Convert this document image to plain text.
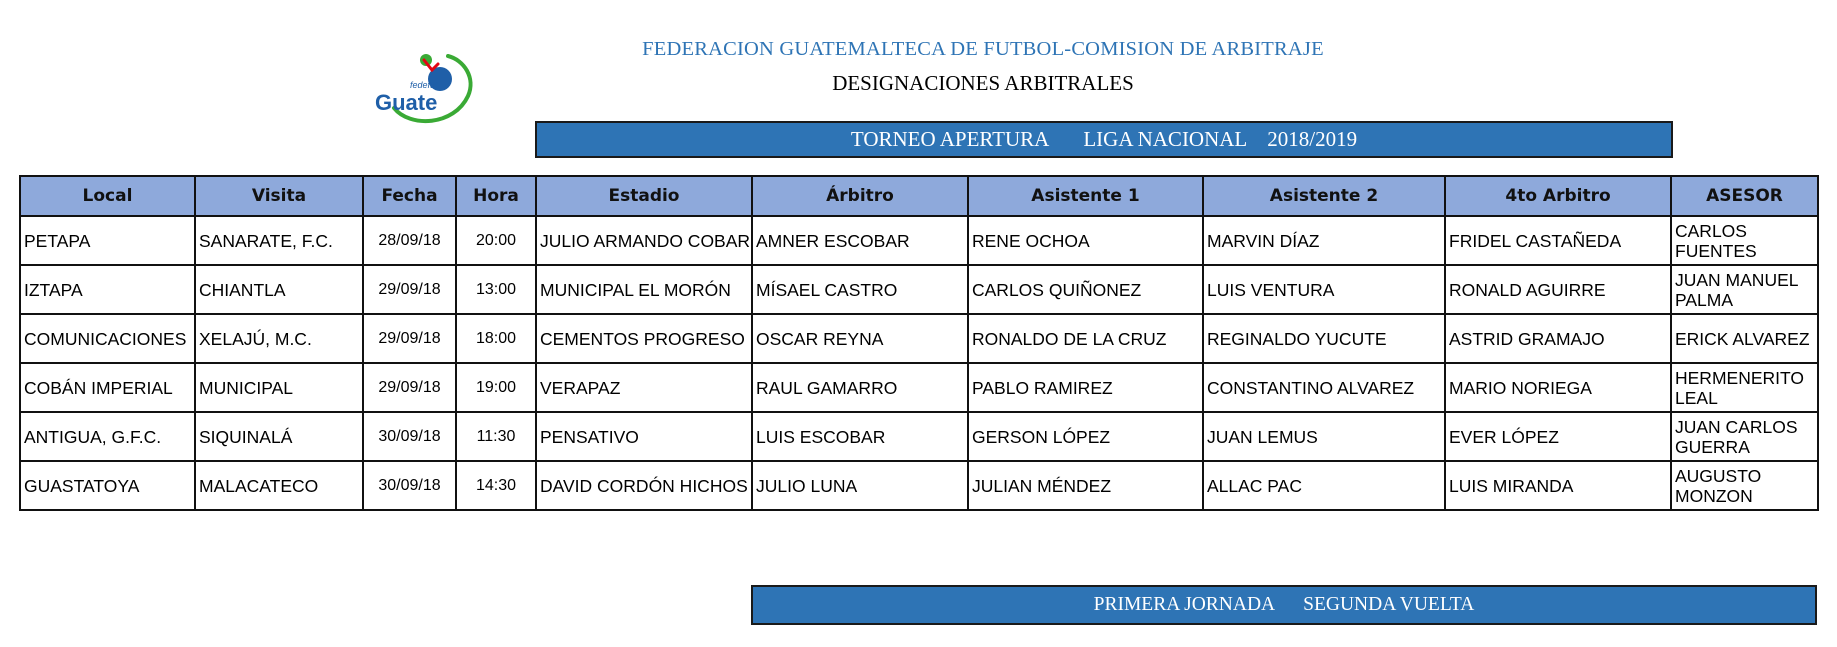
fedefut
Guate
FEDERACION GUATEMALTECA DE FUTBOL-COMISION DE ARBITRAJE
DESIGNACIONES ARBITRALES
TORNEO APERTURA LIGA NACIONAL 2018/2019
Local	Visita	Fecha	Hora	Estadio	Árbitro	Asistente 1	Asistente 2	4to Arbitro	ASESOR
PETAPA	SANARATE, F.C.	28/09/18	20:00	JULIO ARMANDO COBAR	AMNER ESCOBAR	RENE OCHOA	MARVIN DÍAZ	FRIDEL CASTAÑEDA	CARLOS FUENTES
IZTAPA	CHIANTLA	29/09/18	13:00	MUNICIPAL EL MORÓN	MÍSAEL CASTRO	CARLOS QUIÑONEZ	LUIS VENTURA	RONALD AGUIRRE	JUAN MANUEL PALMA
COMUNICACIONES	XELAJÚ, M.C.	29/09/18	18:00	CEMENTOS PROGRESO	OSCAR REYNA	RONALDO DE LA CRUZ	REGINALDO YUCUTE	ASTRID GRAMAJO	ERICK ALVAREZ
COBÁN IMPERIAL	MUNICIPAL	29/09/18	19:00	VERAPAZ	RAUL GAMARRO	PABLO RAMIREZ	CONSTANTINO ALVAREZ	MARIO NORIEGA	HERMENERITO LEAL
ANTIGUA, G.F.C.	SIQUINALÁ	30/09/18	11:30	PENSATIVO	LUIS ESCOBAR	GERSON LÓPEZ	JUAN LEMUS	EVER LÓPEZ	JUAN CARLOS GUERRA
GUASTATOYA	MALACATECO	30/09/18	14:30	DAVID CORDÓN HICHOS	JULIO LUNA	JULIAN MÉNDEZ	ALLAC PAC	LUIS MIRANDA	AUGUSTO MONZON
PRIMERA JORNADA SEGUNDA VUELTA
